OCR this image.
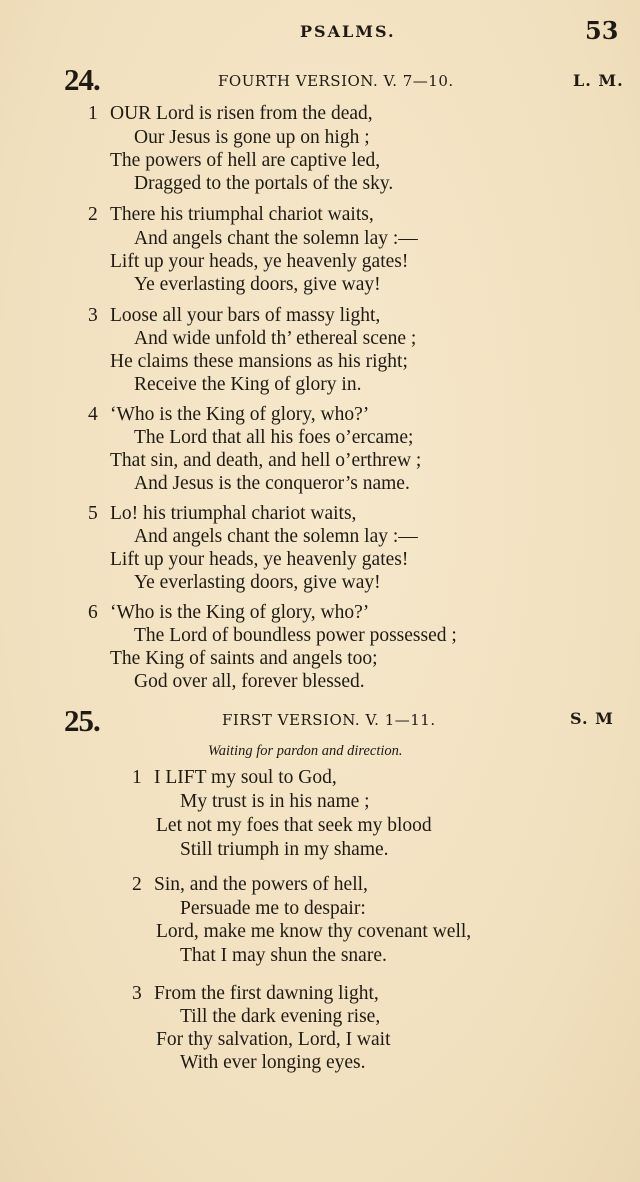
PSALMS.	53
24.	FOURTH VERSION. V. 7—10.	L. M.
1 OUR Lord is risen from the dead,
Our Jesus is gone up on high ;
The powers of hell are captive led,
Dragged to the portals of the sky.
2 There his triumphal chariot waits,
And angels chant the solemn lay :—
Lift up your heads, ye heavenly gates!
Ye everlasting doors, give way!
3 Loose all your bars of massy light,
And wide unfold th’ ethereal scene ;
He claims these mansions as his right;
Receive the King of glory in.
4 ‘Who is the King of glory, who?’
The Lord that all his foes o’ercame;
That sin, and death, and hell o’erthrew ;
And Jesus is the conqueror’s name.
5 Lo! his triumphal chariot waits,
And angels chant the solemn lay :—
Lift up your heads, ye heavenly gates!
Ye everlasting doors, give way!
6 ‘Who is the King of glory, who?’
The Lord of boundless power possessed ;
The King of saints and angels too;
God over all, forever blessed.
25.	FIRST VERSION. V. 1—11.	S. M
Waiting for pardon and direction.
1 I LIFT my soul to God,
My trust is in his name ;
Let not my foes that seek my blood
Still triumph in my shame.
2 Sin, and the powers of hell,
Persuade me to despair:
Lord, make me know thy covenant well,
That I may shun the snare.
3 From the first dawning light,
Till the dark evening rise,
For thy salvation, Lord, I wait
With ever longing eyes.
